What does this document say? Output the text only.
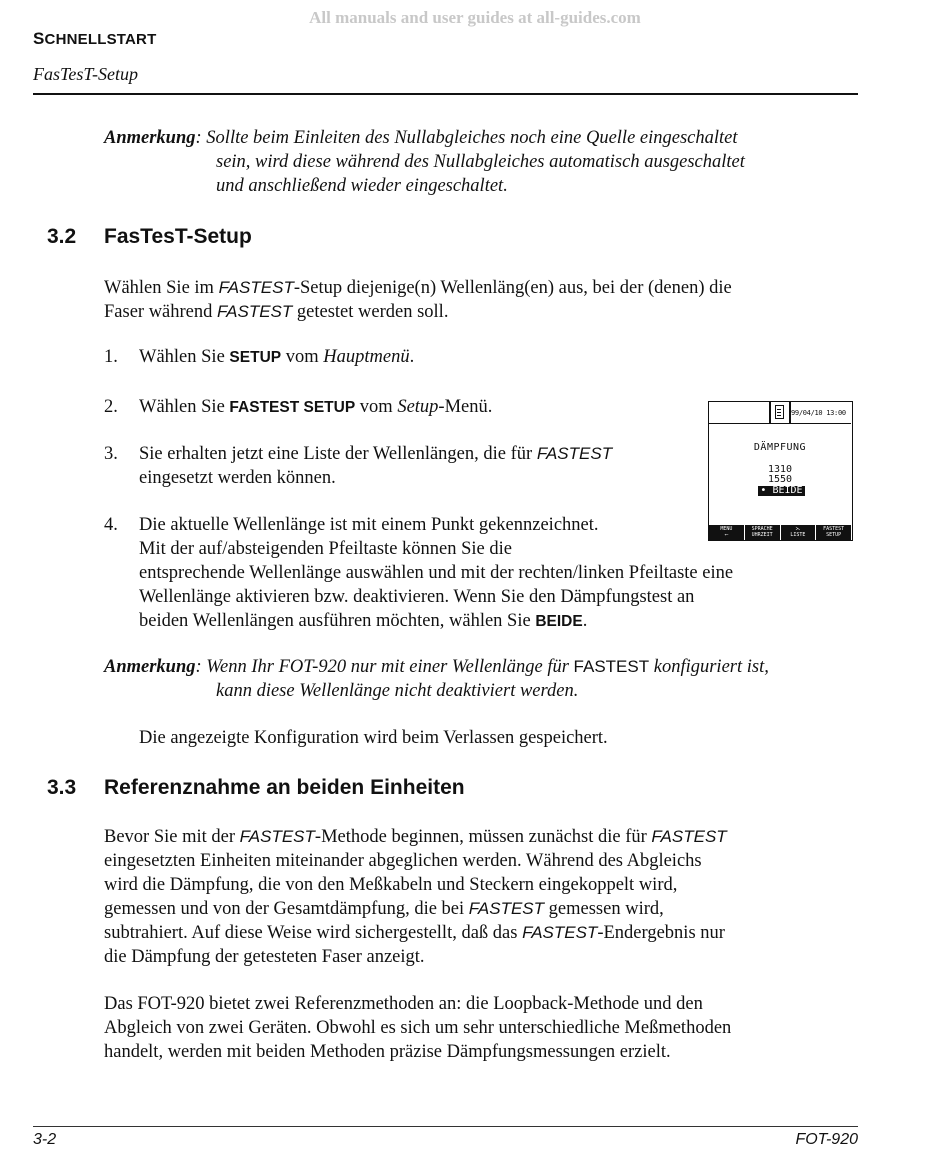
All manuals and user guides at all-guides.com
SCHNELLSTART
FasTesT-Setup
Anmerkung: Sollte beim Einleiten des Nullabgleiches noch eine Quelle eingeschaltet
sein, wird diese während des Nullabgleiches automatisch ausgeschaltet
und anschließend wieder eingeschaltet.
3.2 FasTesT-Setup
Wählen Sie im FASTEST-Setup diejenige(n) Wellenläng(en) aus, bei der (denen) die
Faser während FASTEST getestet werden soll.
1. Wählen Sie SETUP vom Hauptmenü.
2. Wählen Sie FASTEST SETUP vom Setup-Menü.
3. Sie erhalten jetzt eine Liste der Wellenlängen, die für FASTEST
eingesetzt werden können.
4. Die aktuelle Wellenlänge ist mit einem Punkt gekennzeichnet.
Mit der auf/absteigenden Pfeiltaste können Sie die
entsprechende Wellenlänge auswählen und mit der rechten/linken Pfeiltaste eine
Wellenlänge aktivieren bzw. deaktivieren. Wenn Sie den Dämpfungstest an
beiden Wellenlängen ausführen möchten, wählen Sie BEIDE.
99/04/10 13:00
DÄMPFUNG
1310
1550
• BEIDE
MENU
⟵
SPRACHE
UHRZEIT
⋋
LISTE
FASTEST
SETUP
Anmerkung: Wenn Ihr FOT-920 nur mit einer Wellenlänge für FASTEST konfiguriert ist,
kann diese Wellenlänge nicht deaktiviert werden.
Die angezeigte Konfiguration wird beim Verlassen gespeichert.
3.3 Referenznahme an beiden Einheiten
Bevor Sie mit der FASTEST-Methode beginnen, müssen zunächst die für FASTEST
eingesetzten Einheiten miteinander abgeglichen werden. Während des Abgleichs
wird die Dämpfung, die von den Meßkabeln und Steckern eingekoppelt wird,
gemessen und von der Gesamtdämpfung, die bei FASTEST gemessen wird,
subtrahiert. Auf diese Weise wird sichergestellt, daß das FASTEST-Endergebnis nur
die Dämpfung der getesteten Faser anzeigt.
Das FOT-920 bietet zwei Referenzmethoden an: die Loopback-Methode und den
Abgleich von zwei Geräten. Obwohl es sich um sehr unterschiedliche Meßmethoden
handelt, werden mit beiden Methoden präzise Dämpfungsmessungen erzielt.
3-2	FOT-920
